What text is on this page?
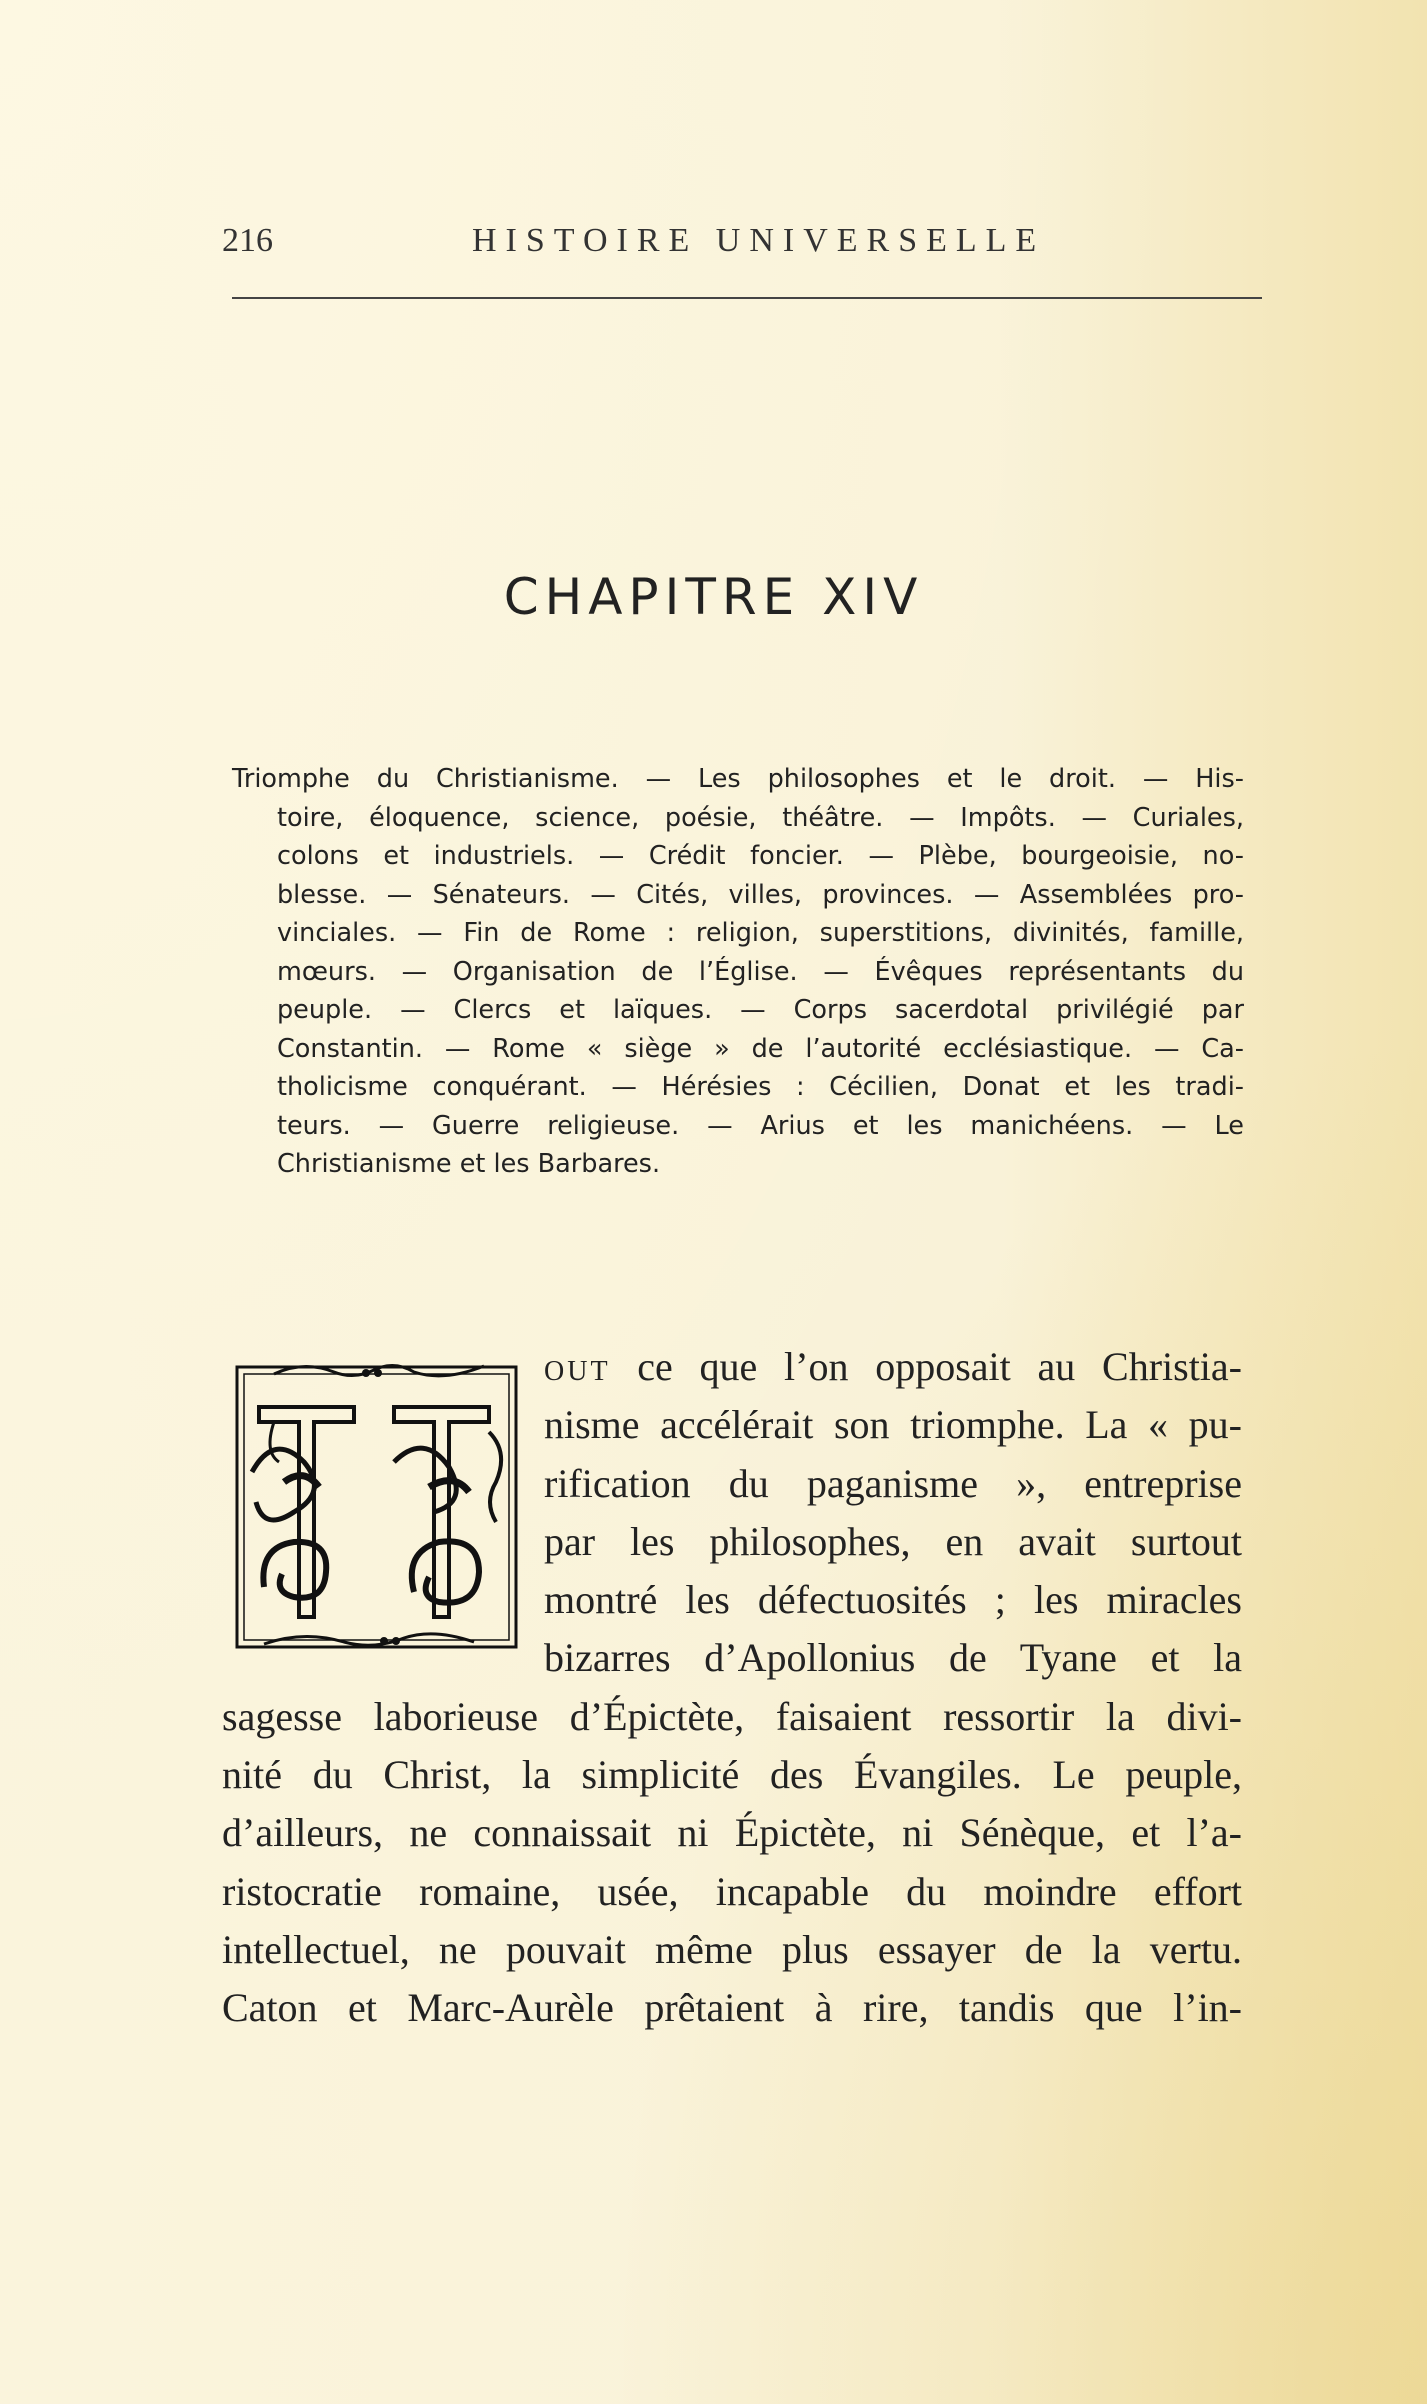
216	HISTOIRE UNIVERSELLE
CHAPITRE XIV
Triomphe du Christianisme. — Les philosophes et le droit. — His-
toire, éloquence, science, poésie, théâtre. — Impôts. — Curiales,
colons et industriels. — Crédit foncier. — Plèbe, bourgeoisie, no-
blesse. — Sénateurs. — Cités, villes, provinces. — Assemblées pro-
vinciales. — Fin de Rome : religion, superstitions, divinités, famille,
mœurs. — Organisation de l’Église. — Évêques représentants du
peuple. — Clercs et laïques. — Corps sacerdotal privilégié par
Constantin. — Rome « siège » de l’autorité ecclésiastique. — Ca-
tholicisme conquérant. — Hérésies : Cécilien, Donat et les tradi-
teurs. — Guerre religieuse. — Arius et les manichéens. — Le
Christianisme et les Barbares.
out ce que l’on opposait au Christia-
nisme accélérait son triomphe. La « pu-
rification du paganisme », entreprise
par les philosophes, en avait surtout
montré les défectuosités ; les miracles
bizarres d’Apollonius de Tyane et la
sagesse laborieuse d’Épictète, faisaient ressortir la divi-
nité du Christ, la simplicité des Évangiles. Le peuple,
d’ailleurs, ne connaissait ni Épictète, ni Sénèque, et l’a-
ristocratie romaine, usée, incapable du moindre effort
intellectuel, ne pouvait même plus essayer de la vertu.
Caton et Marc-Aurèle prêtaient à rire, tandis que l’in-
